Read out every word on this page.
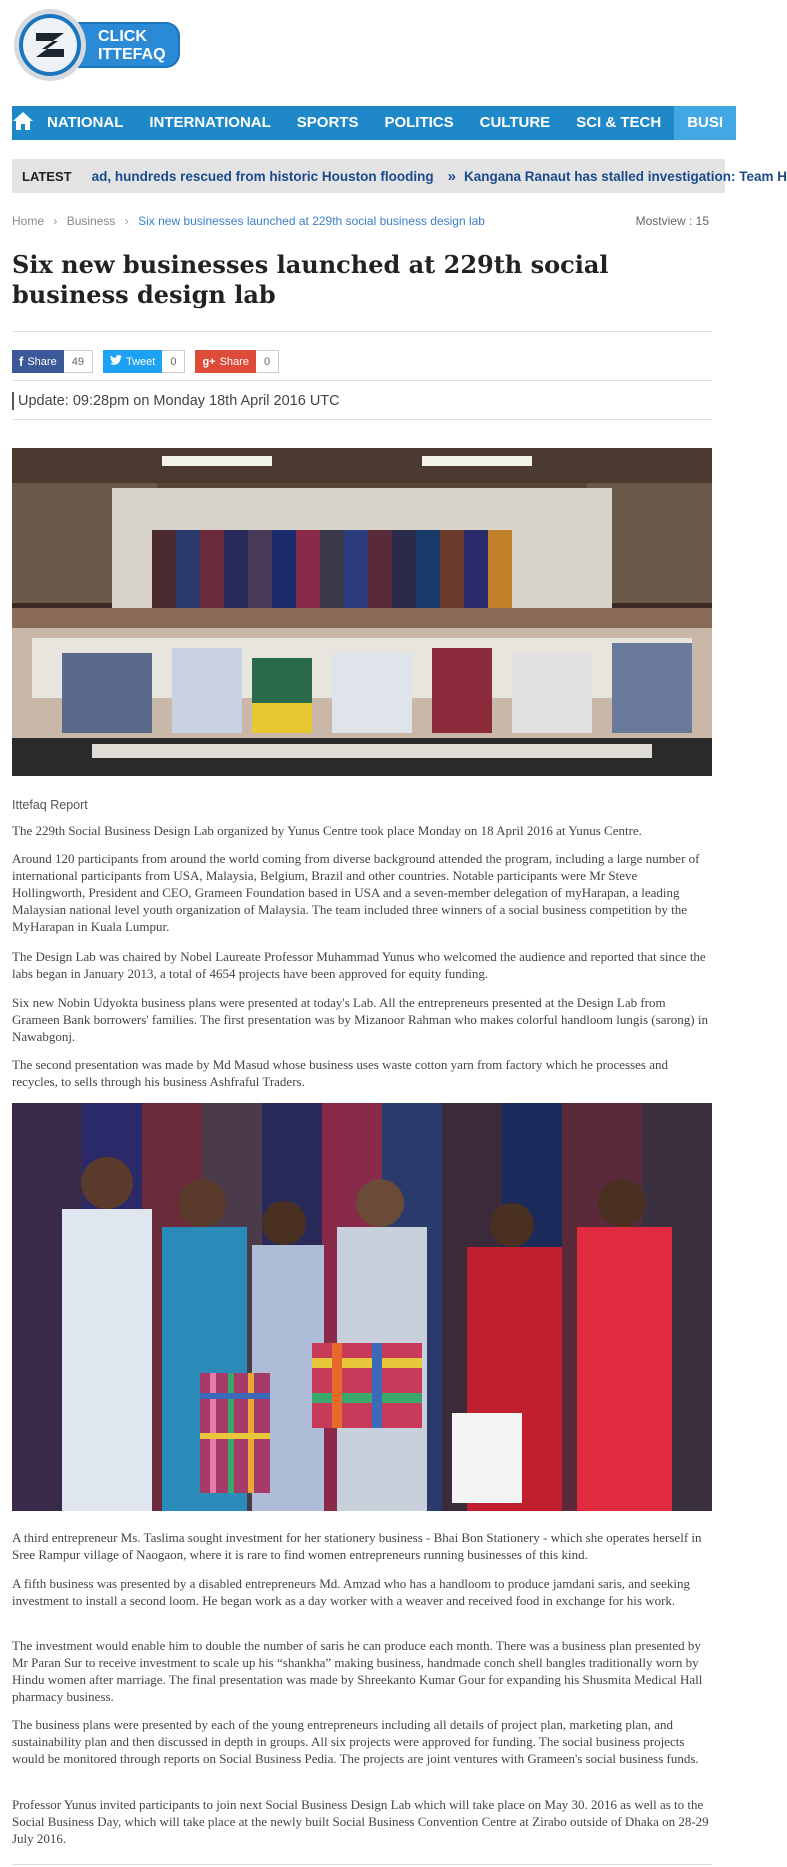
CLICK
ITTEFAQ
NATIONAL	INTERNATIONAL	SPORTS	POLITICS	CULTURE	SCI & TECH	BUSI
LATEST	ad, hundreds rescued from historic Houston flooding » Kangana Ranaut has stalled investigation: Team H
Home › Business › Six new businesses launched at 229th social business design lab	Mostview : 15
Six new businesses launched at 229th social business design lab
f Share	49	Tweet	0	g+ Share	0
Update: 09:28pm on Monday 18th April 2016 UTC
Ittefaq Report

The 229th Social Business Design Lab organized by Yunus Centre took place Monday on 18 April 2016 at Yunus Centre.

Around 120 participants from around the world coming from diverse background attended the program, including a large number of international participants from USA, Malaysia, Belgium, Brazil and other countries. Notable participants were Mr Steve Hollingworth, President and CEO, Grameen Foundation based in USA and a seven-member delegation of myHarapan, a leading Malaysian national level youth organization of Malaysia. The team included three winners of a social business competition by the MyHarapan in Kuala Lumpur.

The Design Lab was chaired by Nobel Laureate Professor Muhammad Yunus who welcomed the audience and reported that since the labs began in January 2013, a total of 4654 projects have been approved for equity funding.

Six new Nobin Udyokta business plans were presented at today's Lab. All the entrepreneurs presented at the Design Lab from Grameen Bank borrowers' families. The first presentation was by Mizanoor Rahman who makes colorful handloom lungis (sarong) in Nawabgonj.

The second presentation was made by Md Masud whose business uses waste cotton yarn from factory which he processes and recycles, to sells through his business Ashfraful Traders.

A third entrepreneur Ms. Taslima sought investment for her stationery business - Bhai Bon Stationery - which she operates herself in Sree Rampur village of Naogaon, where it is rare to find women entrepreneurs running businesses of this kind.

A fifth business was presented by a disabled entrepreneurs Md. Amzad who has a handloom to produce jamdani saris, and seeking investment to install a second loom. He began work as a day worker with a weaver and received food in exchange for his work.

The investment would enable him to double the number of saris he can produce each month. There was a business plan presented by Mr Paran Sur to receive investment to scale up his “shankha” making business, handmade conch shell bangles traditionally worn by Hindu women after marriage. The final presentation was made by Shreekanto Kumar Gour for expanding his Shusmita Medical Hall pharmacy business.

The business plans were presented by each of the young entrepreneurs including all details of project plan, marketing plan, and sustainability plan and then discussed in depth in groups. All six projects were approved for funding. The social business projects would be monitored through reports on Social Business Pedia. The projects are joint ventures with Grameen's social business funds.

Professor Yunus invited participants to join next Social Business Design Lab which will take place on May 30. 2016 as well as to the Social Business Day, which will take place at the newly built Social Business Convention Centre at Zirabo outside of Dhaka on 28-29 July 2016.
